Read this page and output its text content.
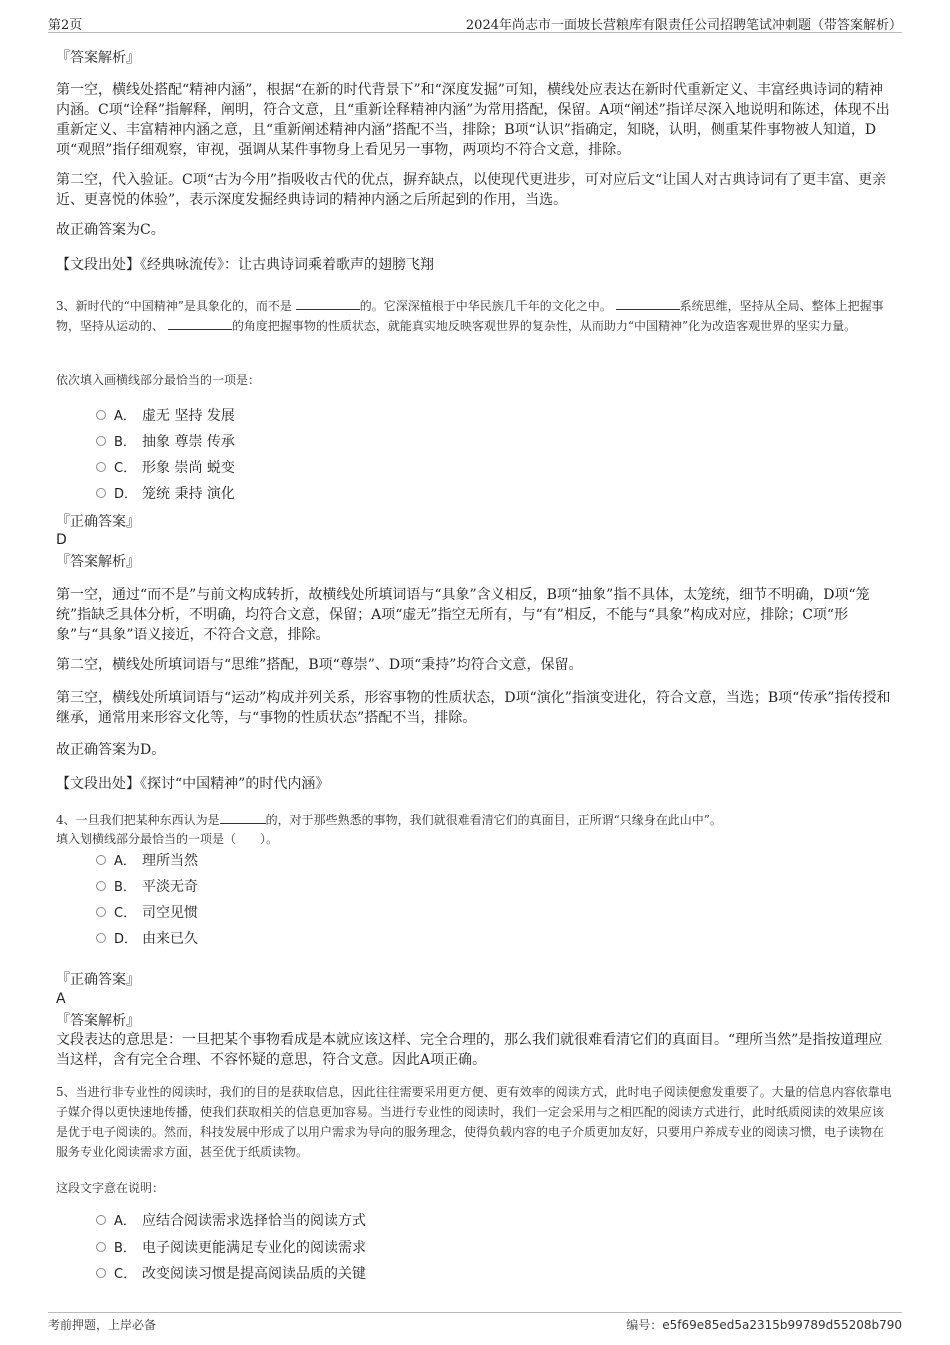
第2页	2024年尚志市一面坡长营粮库有限责任公司招聘笔试冲刺题（带答案解析）
『答案解析』
第一空，横线处搭配“精神内涵”，根据“在新的时代背景下”和“深度发掘”可知，横线处应表达在新时代重新定义、丰富经典诗词的精神内涵。C项“诠释”指解释，阐明，符合文意，且“重新诠释精神内涵”为常用搭配，保留。A项“阐述”指详尽深入地说明和陈述，体现不出重新定义、丰富精神内涵之意，且“重新阐述精神内涵”搭配不当，排除；B项“认识”指确定，知晓，认明，侧重某件事物被人知道，D项“观照”指仔细观察，审视，强调从某件事物身上看见另一事物，两项均不符合文意，排除。
第二空，代入验证。C项“古为今用”指吸收古代的优点，摒弃缺点，以使现代更进步，可对应后文“让国人对古典诗词有了更丰富、更亲近、更喜悦的体验”，表示深度发掘经典诗词的精神内涵之后所起到的作用，当选。
故正确答案为C。
【文段出处】《经典咏流传》：让古典诗词乘着歌声的翅膀飞翔
3、新时代的“中国精神”是具象化的，而不是	的。它深深植根于中华民族几千年的文化之中。	系统思维，坚持从全局、整体上把握事物，坚持从运动的、	的角度把握事物的性质状态，就能真实地反映客观世界的复杂性，从而助力“中国精神”化为改造客观世界的坚实力量。
依次填入画横线部分最恰当的一项是：
A． 虚无 坚持 发展
B． 抽象 尊崇 传承
C． 形象 崇尚 蜕变
D． 笼统 秉持 演化
『正确答案』
D
『答案解析』
第一空，通过“而不是”与前文构成转折，故横线处所填词语与“具象”含义相反，B项“抽象”指不具体，太笼统，细节不明确，D项“笼统”指缺乏具体分析，不明确，均符合文意，保留；A项“虚无”指空无所有，与“有”相反，不能与“具象”构成对应，排除；C项“形象”与“具象”语义接近，不符合文意，排除。
第二空，横线处所填词语与“思维”搭配，B项“尊崇”、D项“秉持”均符合文意，保留。
第三空，横线处所填词语与“运动”构成并列关系，形容事物的性质状态，D项“演化”指演变进化，符合文意，当选；B项“传承”指传授和继承，通常用来形容文化等，与“事物的性质状态”搭配不当，排除。
故正确答案为D。
【文段出处】《探讨“中国精神”的时代内涵》
4、一旦我们把某种东西认为是	的，对于那些熟悉的事物，我们就很难看清它们的真面目，正所谓“只缘身在此山中”。
填入划横线部分最恰当的一项是（　　）。
A． 理所当然
B． 平淡无奇
C． 司空见惯
D． 由来已久
『正确答案』
A
『答案解析』
文段表达的意思是：一旦把某个事物看成是本就应该这样、完全合理的，那么我们就很难看清它们的真面目。“理所当然”是指按道理应当这样，含有完全合理、不容怀疑的意思，符合文意。因此A项正确。
5、当进行非专业性的阅读时，我们的目的是获取信息，因此往往需要采用更方便、更有效率的阅读方式，此时电子阅读便愈发重要了。大量的信息内容依靠电子媒介得以更快速地传播，使我们获取相关的信息更加容易。当进行专业性的阅读时，我们一定会采用与之相匹配的阅读方式进行，此时纸质阅读的效果应该是优于电子阅读的。然而，科技发展中形成了以用户需求为导向的服务理念，使得负载内容的电子介质更加友好，只要用户养成专业的阅读习惯，电子读物在服务专业化阅读需求方面，甚至优于纸质读物。
这段文字意在说明：
A． 应结合阅读需求选择恰当的阅读方式
B． 电子阅读更能满足专业化的阅读需求
C． 改变阅读习惯是提高阅读品质的关键
考前押题，上岸必备	编号：e5f69e85ed5a2315b99789d55208b790
